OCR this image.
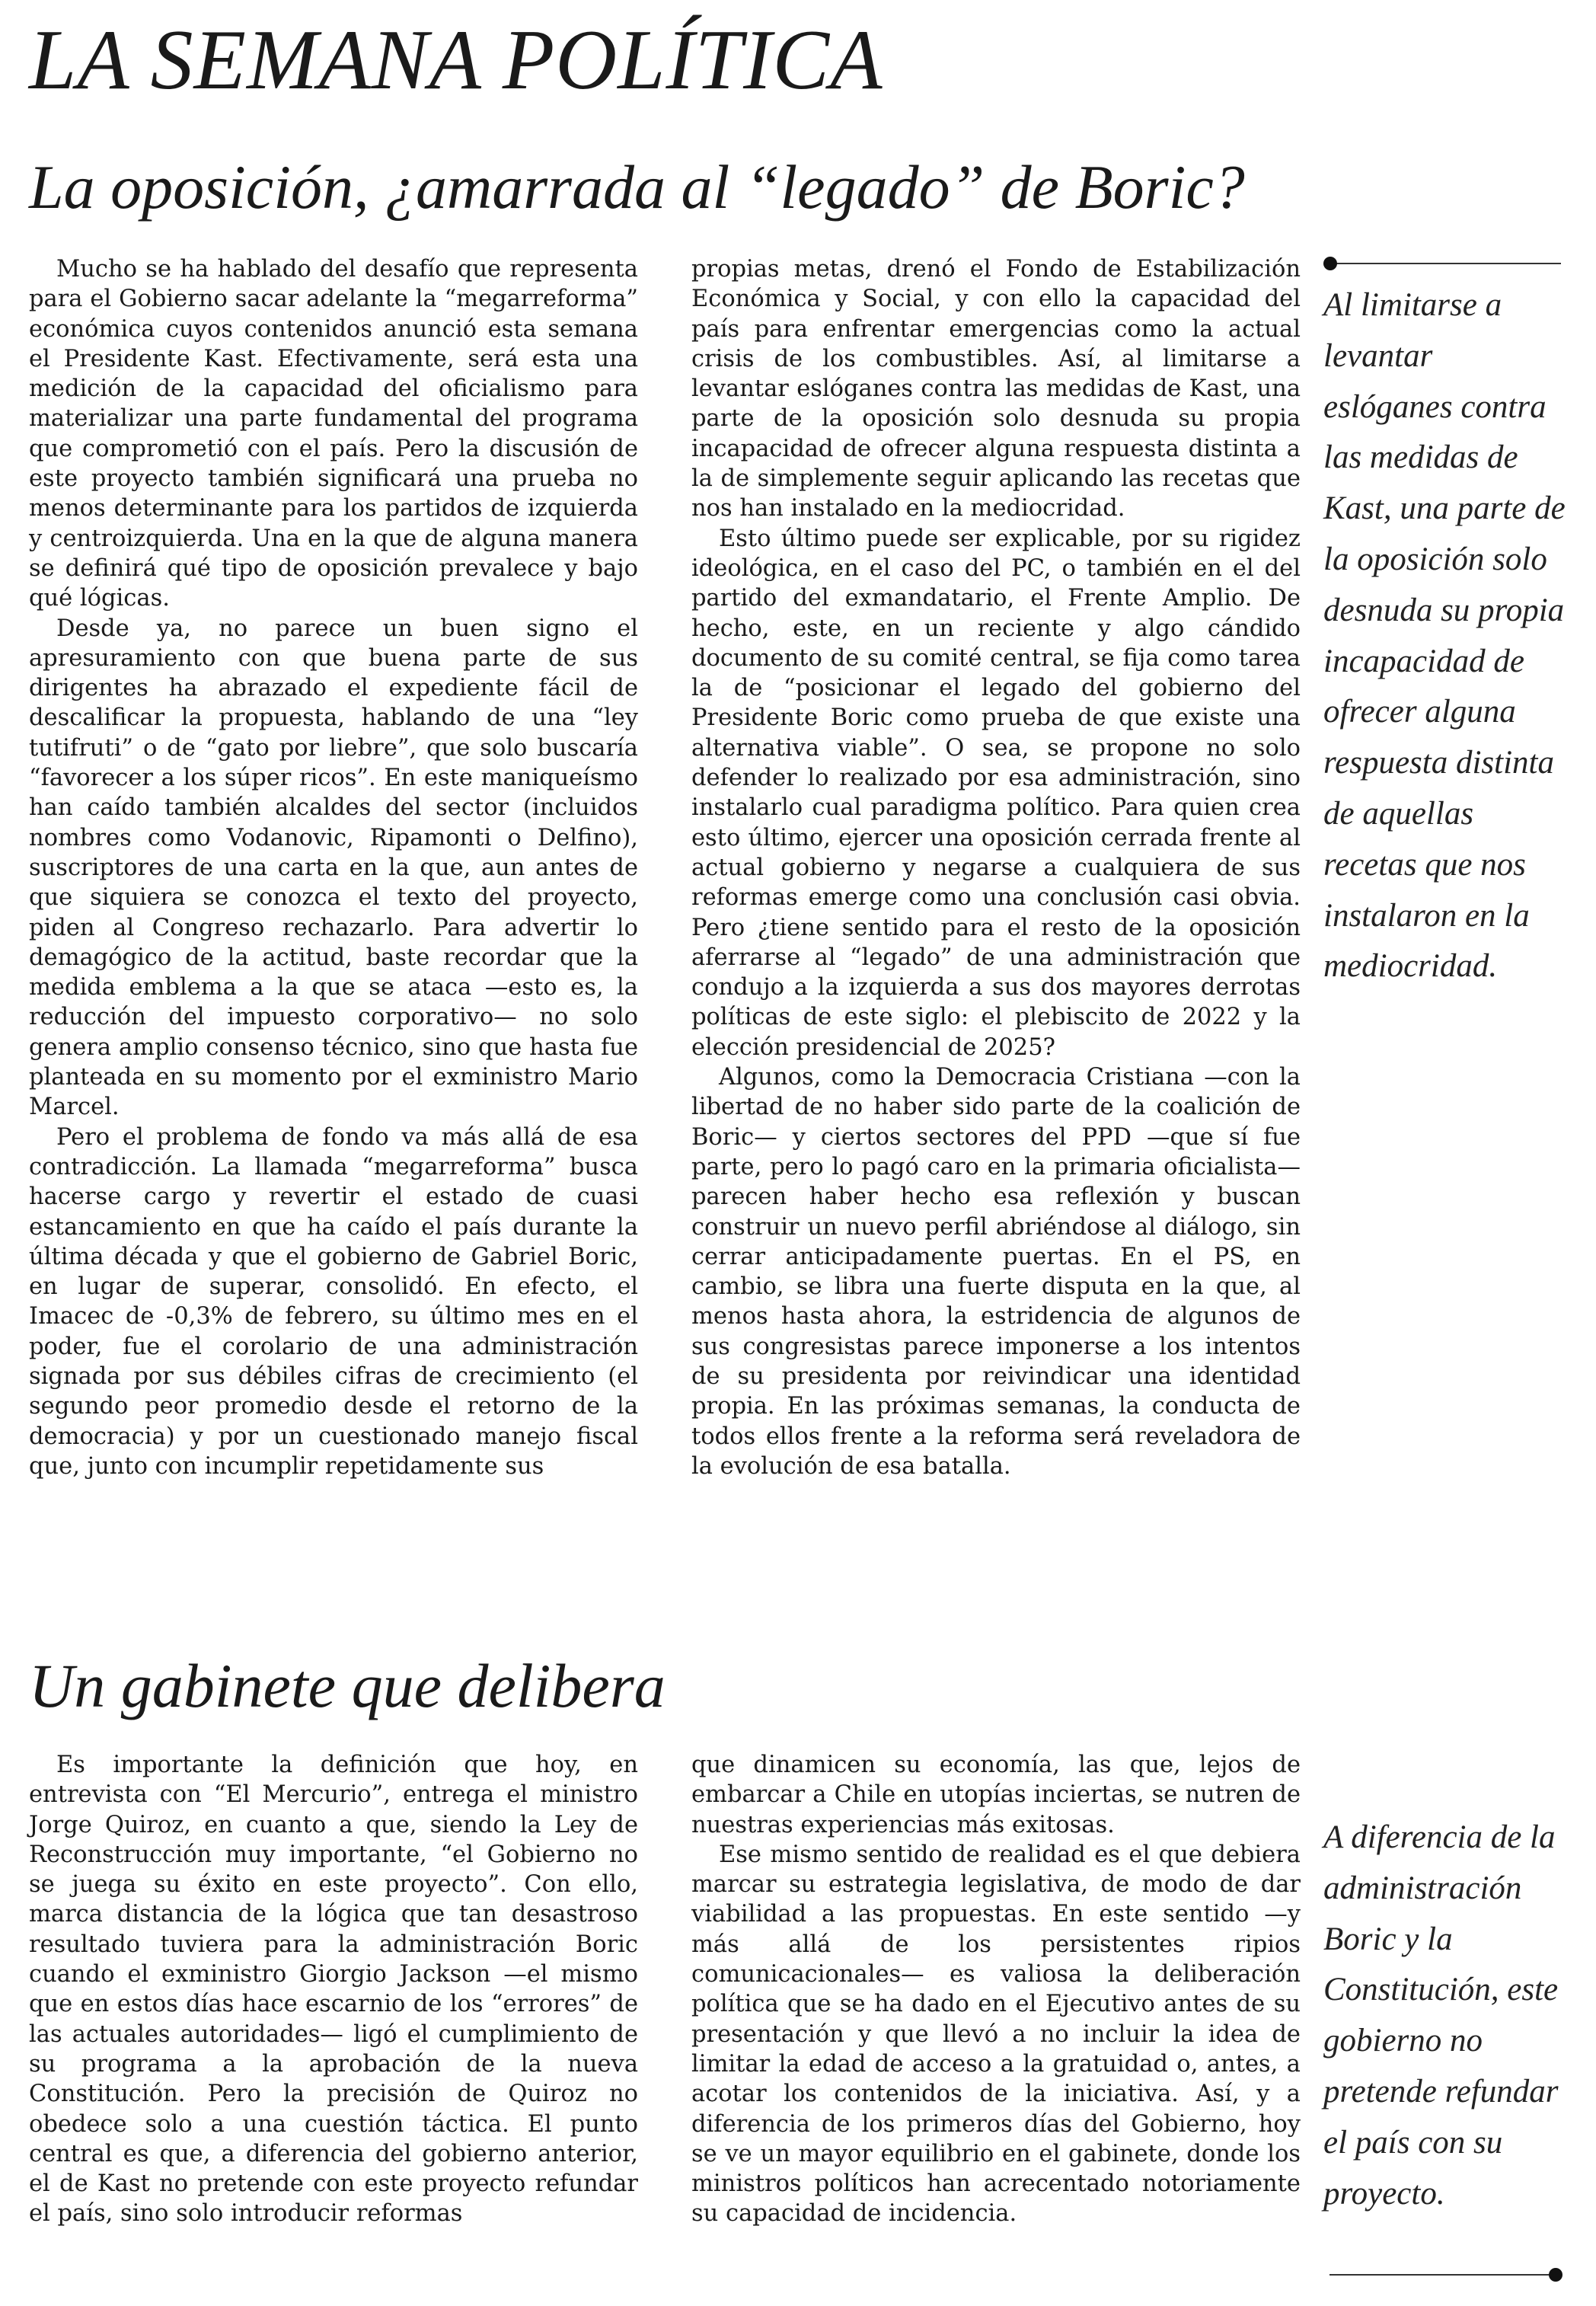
LA SEMANA POLÍTICA
La oposición, ¿amarrada al “legado” de Boric?

Mucho se ha hablado del desafío que representa para el Gobierno sacar adelante la “megarreforma” económica cuyos contenidos anunció esta semana el Presidente Kast. Efectivamente, será esta una medición de la capacidad del oficialismo para materializar una parte fundamental del programa que comprometió con el país. Pero la discusión de este proyecto también significará una prueba no menos determinante para los partidos de izquierda y centroizquierda. Una en la que de alguna manera se definirá qué tipo de oposición prevalece y bajo qué lógicas.

Desde ya, no parece un buen signo el apresuramiento con que buena parte de sus dirigentes ha abrazado el expediente fácil de descalificar la propuesta, hablando de una “ley tutifruti” o de “gato por liebre”, que solo buscaría “favorecer a los súper ricos”. En este maniqueísmo han caído también alcaldes del sector (incluidos nombres como Vodanovic, Ripamonti o Delfino), suscriptores de una carta en la que, aun antes de que siquiera se conozca el texto del proyecto, piden al Congreso rechazarlo. Para advertir lo demagógico de la actitud, baste recordar que la medida emblema a la que se ataca —esto es, la reducción del impuesto corporativo— no solo genera amplio consenso técnico, sino que hasta fue planteada en su momento por el exministro Mario Marcel.

Pero el problema de fondo va más allá de esa contradicción. La llamada “megarreforma” busca hacerse cargo y revertir el estado de cuasi estancamiento en que ha caído el país durante la última década y que el gobierno de Gabriel Boric, en lugar de superar, consolidó. En efecto, el Imacec de -0,3% de febrero, su último mes en el poder, fue el corolario de una administración signada por sus débiles cifras de crecimiento (el segundo peor promedio desde el retorno de la democracia) y por un cuestionado manejo fiscal que, junto con incumplir repetidamente sus

propias metas, drenó el Fondo de Estabilización Económica y Social, y con ello la capacidad del país para enfrentar emergencias como la actual crisis de los combustibles. Así, al limitarse a levantar eslóganes contra las medidas de Kast, una parte de la oposición solo desnuda su propia incapacidad de ofrecer alguna respuesta distinta a la de simplemente seguir aplicando las recetas que nos han instalado en la mediocridad.

Esto último puede ser explicable, por su rigidez ideológica, en el caso del PC, o también en el del partido del exmandatario, el Frente Amplio. De hecho, este, en un reciente y algo cándido documento de su comité central, se fija como tarea la de “posicionar el legado del gobierno del Presidente Boric como prueba de que existe una alternativa viable”. O sea, se propone no solo defender lo realizado por esa administración, sino instalarlo cual paradigma político. Para quien crea esto último, ejercer una oposición cerrada frente al actual gobierno y negarse a cualquiera de sus reformas emerge como una conclusión casi obvia. Pero ¿tiene sentido para el resto de la oposición aferrarse al “legado” de una administración que condujo a la izquierda a sus dos mayores derrotas políticas de este siglo: el plebiscito de 2022 y la elección presidencial de 2025?

Algunos, como la Democracia Cristiana —con la libertad de no haber sido parte de la coalición de Boric— y ciertos sectores del PPD —que sí fue parte, pero lo pagó caro en la primaria oficialista— parecen haber hecho esa reflexión y buscan construir un nuevo perfil abriéndose al diálogo, sin cerrar anticipadamente puertas. En el PS, en cambio, se libra una fuerte disputa en la que, al menos hasta ahora, la estridencia de algunos de sus congresistas parece imponerse a los intentos de su presidenta por reivindicar una identidad propia. En las próximas semanas, la conducta de todos ellos frente a la reforma será reveladora de la evolución de esa batalla.

Al limitarse a levantar eslóganes contra las medidas de Kast, una parte de la oposición solo desnuda su propia incapacidad de ofrecer alguna respuesta distinta de aquellas recetas que nos instalaron en la mediocridad.
Un gabinete que delibera

Es importante la definición que hoy, en entrevista con “El Mercurio”, entrega el ministro Jorge Quiroz, en cuanto a que, siendo la Ley de Reconstrucción muy importante, “el Gobierno no se juega su éxito en este proyecto”. Con ello, marca distancia de la lógica que tan desastroso resultado tuviera para la administración Boric cuando el exministro Giorgio Jackson —el mismo que en estos días hace escarnio de los “errores” de las actuales autoridades— ligó el cumplimiento de su programa a la aprobación de la nueva Constitución. Pero la precisión de Quiroz no obedece solo a una cuestión táctica. El punto central es que, a diferencia del gobierno anterior, el de Kast no pretende con este proyecto refundar el país, sino solo introducir reformas

que dinamicen su economía, las que, lejos de embarcar a Chile en utopías inciertas, se nutren de nuestras experiencias más exitosas.

Ese mismo sentido de realidad es el que debiera marcar su estrategia legislativa, de modo de dar viabilidad a las propuestas. En este sentido —y más allá de los persistentes ripios comunicacionales— es valiosa la deliberación política que se ha dado en el Ejecutivo antes de su presentación y que llevó a no incluir la idea de limitar la edad de acceso a la gratuidad o, antes, a acotar los contenidos de la iniciativa. Así, y a diferencia de los primeros días del Gobierno, hoy se ve un mayor equilibrio en el gabinete, donde los ministros políticos han acrecentado notoriamente su capacidad de incidencia.

A diferencia de la administración Boric y la Constitución, este gobierno no pretende refundar el país con su proyecto.
